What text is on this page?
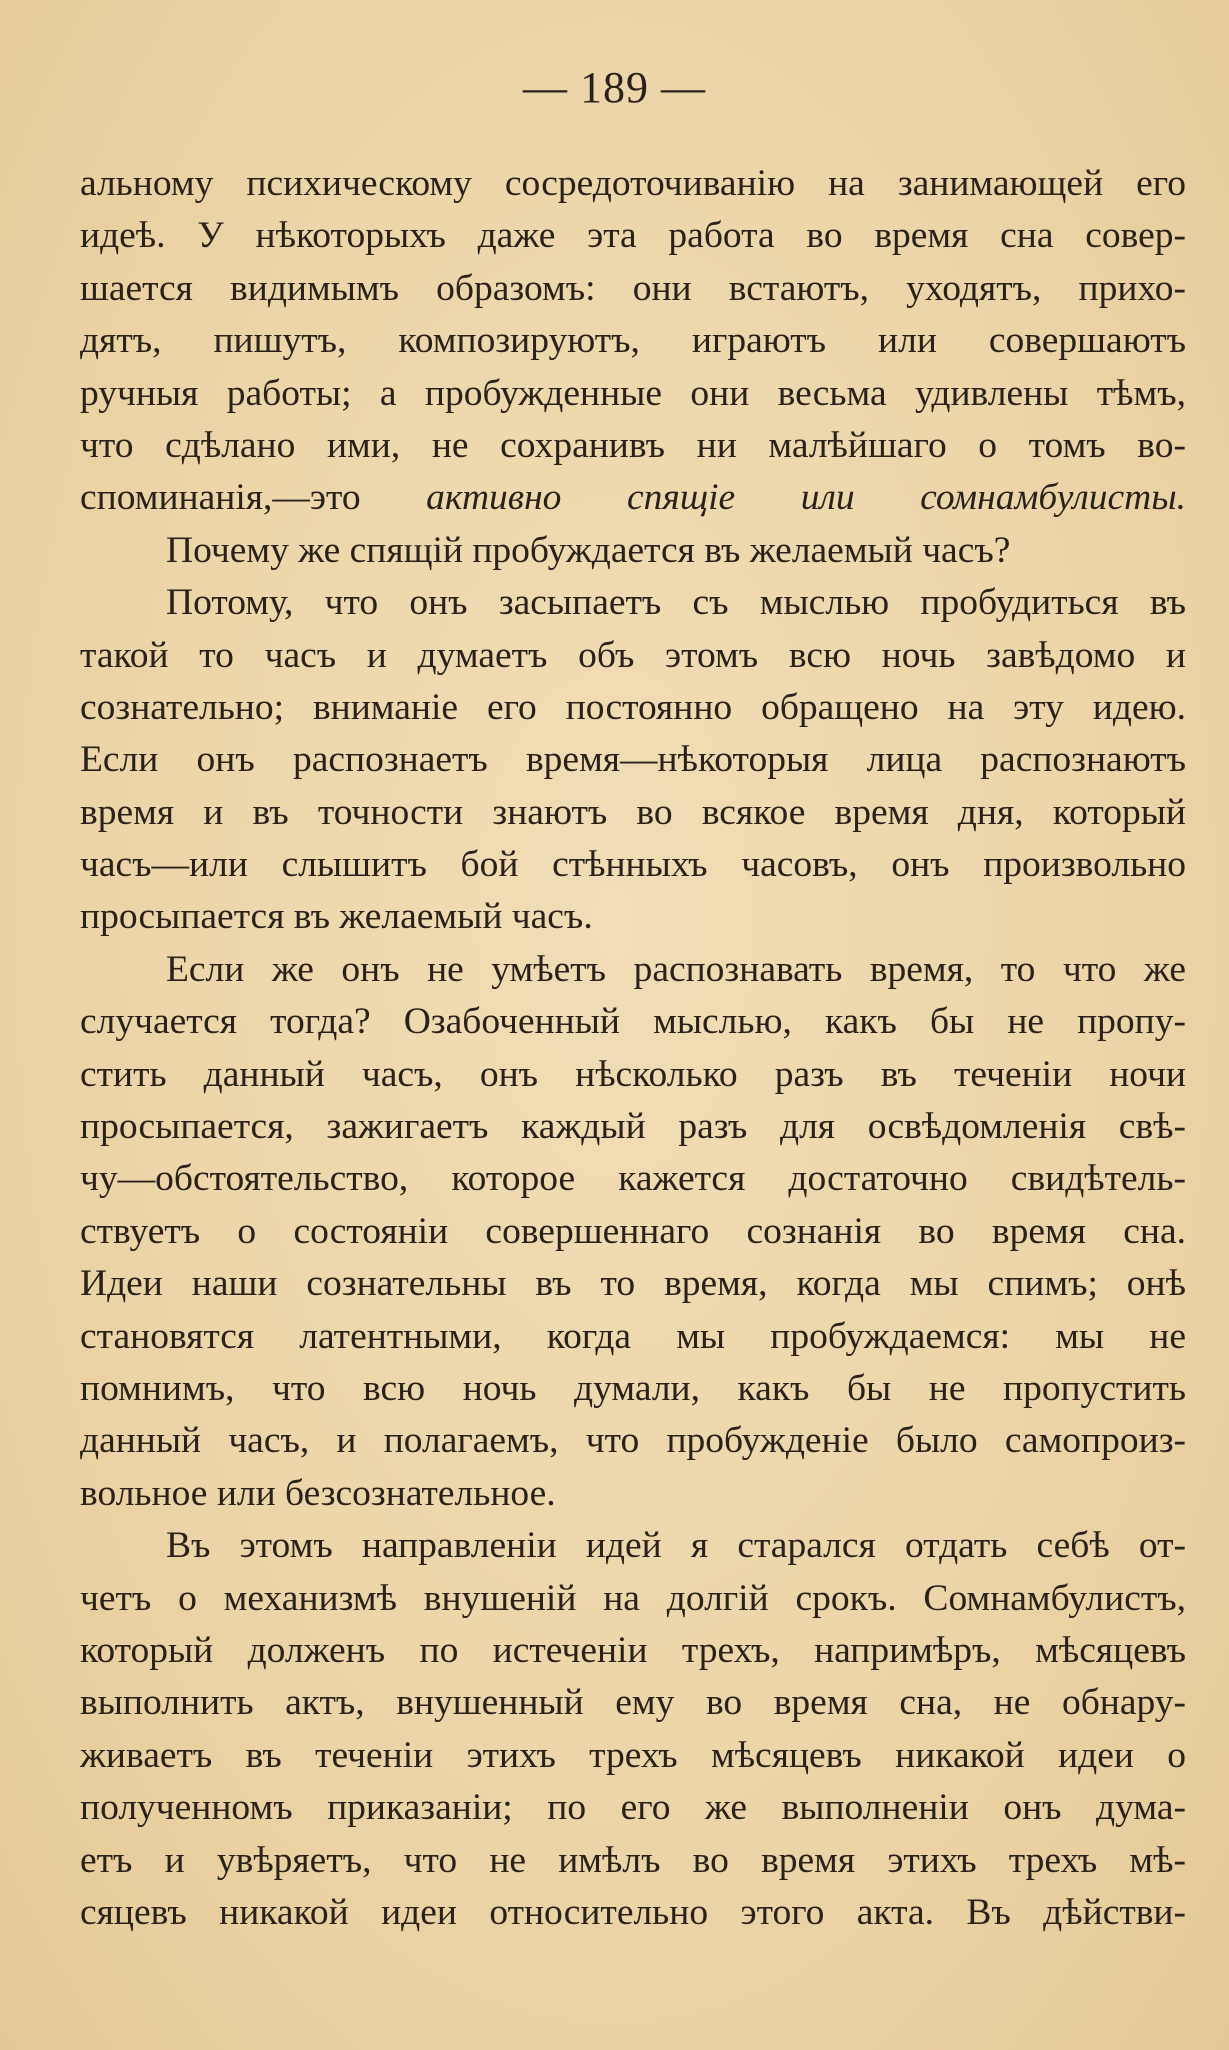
— 189 —
альному психическому сосредоточиванію на занимающей его
идеѣ. У нѣкоторыхъ даже эта работа во время сна совер-
шается видимымъ образомъ: они встаютъ, уходятъ, прихо-
дятъ, пишутъ, композируютъ, играютъ или совершаютъ
ручныя работы; а пробужденные они весьма удивлены тѣмъ,
что сдѣлано ими, не сохранивъ ни малѣйшаго о томъ во-
споминанія,—это активно спящіе или сомнамбулисты.
Почему же спящій пробуждается въ желаемый часъ?
Потому, что онъ засыпаетъ съ мыслью пробудиться въ
такой то часъ и думаетъ объ этомъ всю ночь завѣдомо и
сознательно; вниманіе его постоянно обращено на эту идею.
Если онъ распознаетъ время—нѣкоторыя лица распознаютъ
время и въ точности знаютъ во всякое время дня, который
часъ—или слышитъ бой стѣнныхъ часовъ, онъ произвольно
просыпается въ желаемый часъ.
Если же онъ не умѣетъ распознавать время, то что же
случается тогда? Озабоченный мыслью, какъ бы не пропу-
стить данный часъ, онъ нѣсколько разъ въ теченіи ночи
просыпается, зажигаетъ каждый разъ для освѣдомленія свѣ-
чу—обстоятельство, которое кажется достаточно свидѣтель-
ствуетъ о состояніи совершеннаго сознанія во время сна.
Идеи наши сознательны въ то время, когда мы спимъ; онѣ
становятся латентными, когда мы пробуждаемся: мы не
помнимъ, что всю ночь думали, какъ бы не пропустить
данный часъ, и полагаемъ, что пробужденіе было самопроиз-
вольное или безсознательное.
Въ этомъ направленіи идей я старался отдать себѣ от-
четъ о механизмѣ внушеній на долгій срокъ. Сомнамбулистъ,
который долженъ по истеченіи трехъ, напримѣръ, мѣсяцевъ
выполнить актъ, внушенный ему во время сна, не обнару-
живаетъ въ теченіи этихъ трехъ мѣсяцевъ никакой идеи о
полученномъ приказаніи; по его же выполненіи онъ дума-
етъ и увѣряетъ, что не имѣлъ во время этихъ трехъ мѣ-
сяцевъ никакой идеи относительно этого акта. Въ дѣйстви-
